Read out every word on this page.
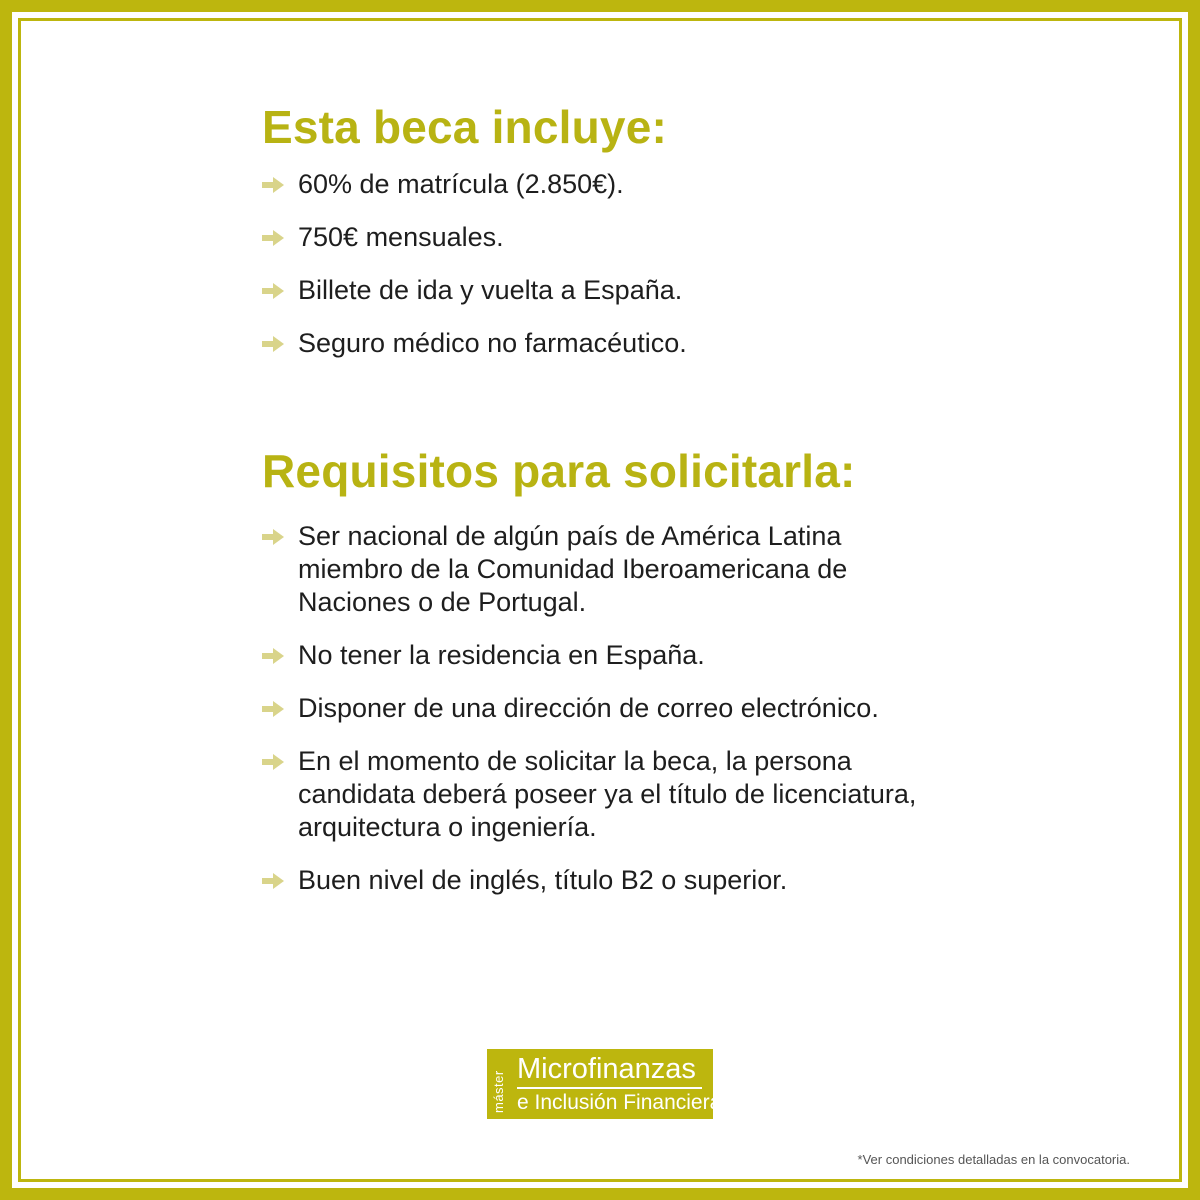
Esta beca incluye:
60% de matrícula (2.850€).
750€ mensuales.
Billete de ida y vuelta a España.
Seguro médico no farmacéutico.
Requisitos para solicitarla:
Ser nacional de algún país de América Latina miembro de la Comunidad Iberoamericana de Naciones o de Portugal.
No tener la residencia en España.
Disponer de una dirección de correo electrónico.
En el momento de solicitar la beca, la persona candidata deberá poseer ya el título de licenciatura, arquitectura o ingeniería.
Buen nivel de inglés, título B2 o superior.
máster
Microfinanzas
e Inclusión Financiera
*Ver condiciones detalladas en la convocatoria.
